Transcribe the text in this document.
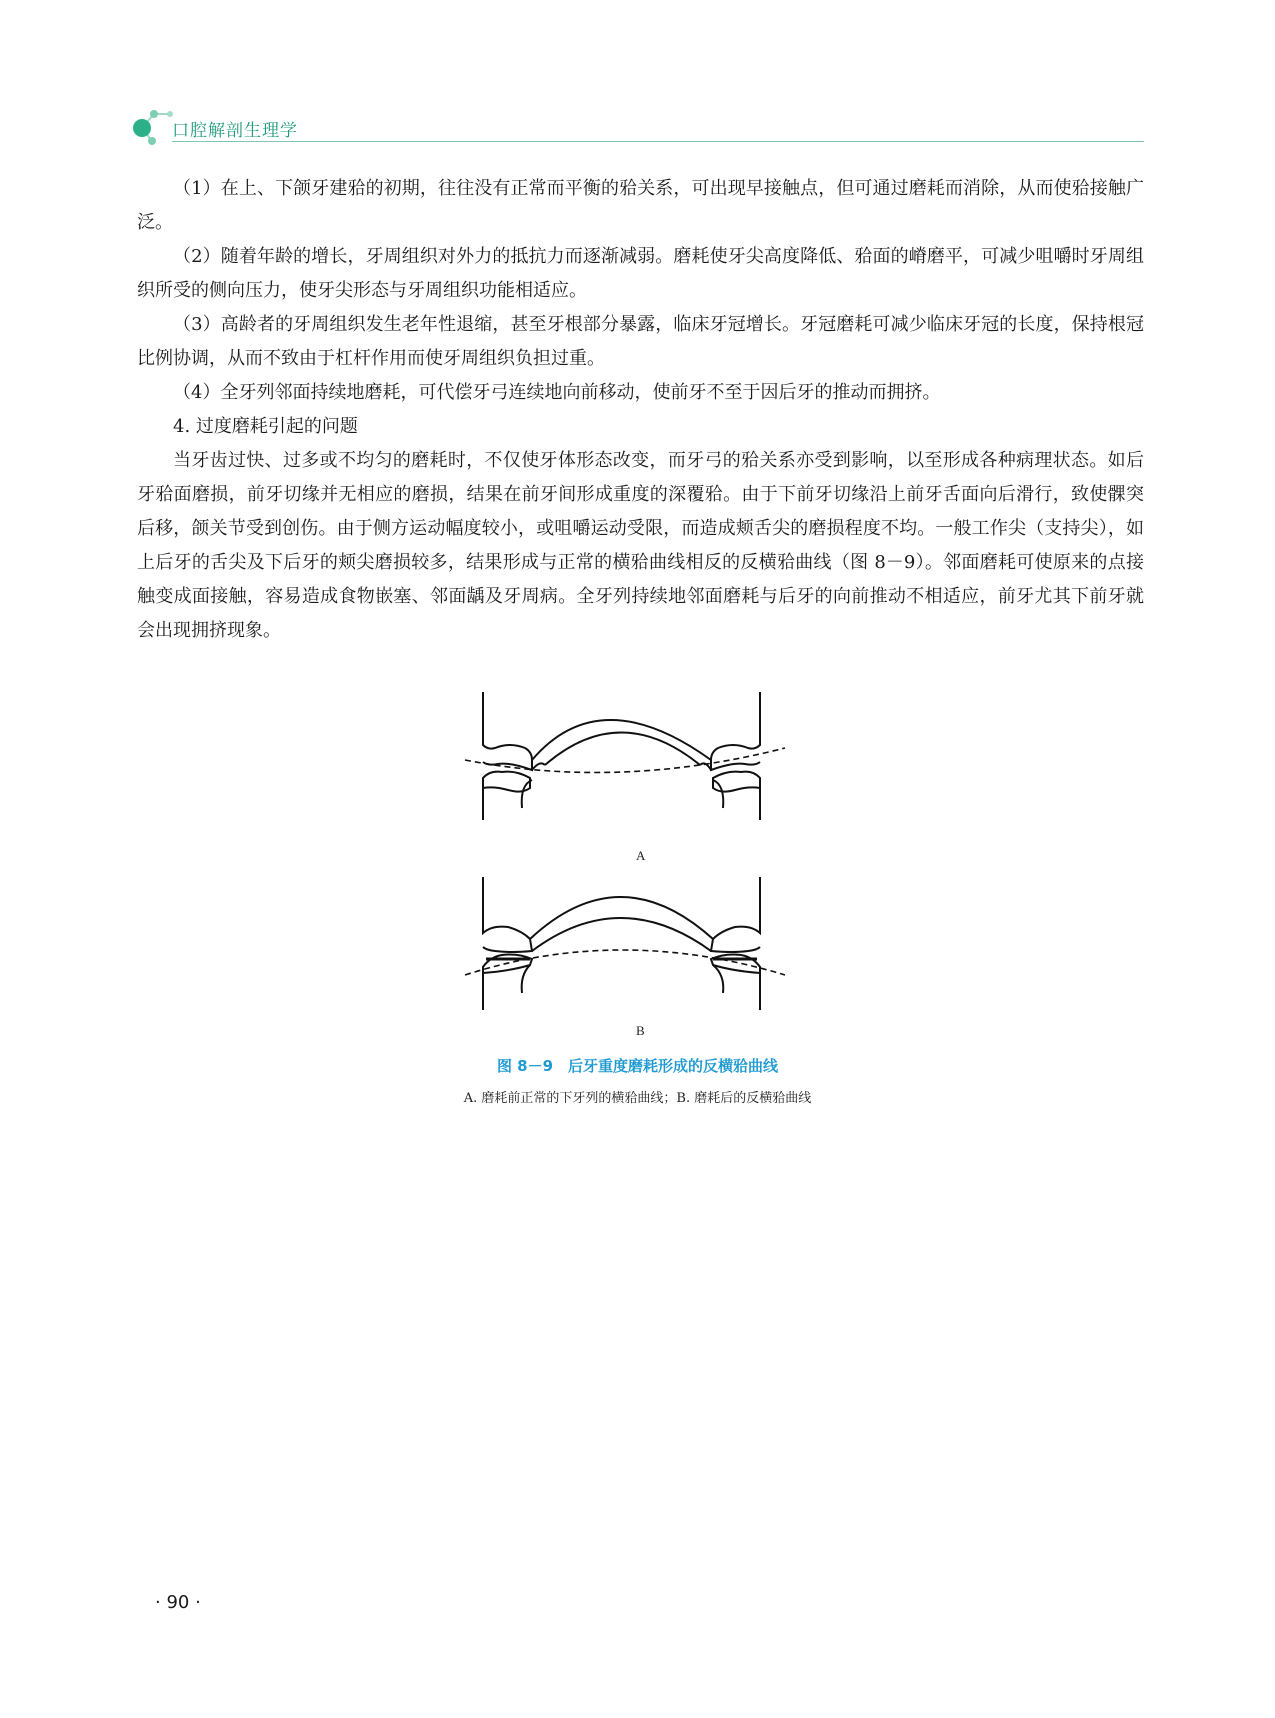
口腔解剖生理学

（1）在上、下颌牙建𬌗的初期，往往没有正常而平衡的𬌗关系，可出现早接触点，但可通过磨耗而消除，从而使𬌗接触广泛。

（2）随着年龄的增长，牙周组织对外力的抵抗力而逐渐减弱。磨耗使牙尖高度降低、𬌗面的嵴磨平，可减少咀嚼时牙周组织所受的侧向压力，使牙尖形态与牙周组织功能相适应。

（3）高龄者的牙周组织发生老年性退缩，甚至牙根部分暴露，临床牙冠增长。牙冠磨耗可减少临床牙冠的长度，保持根冠比例协调，从而不致由于杠杆作用而使牙周组织负担过重。

（4）全牙列邻面持续地磨耗，可代偿牙弓连续地向前移动，使前牙不至于因后牙的推动而拥挤。

4. 过度磨耗引起的问题

当牙齿过快、过多或不均匀的磨耗时，不仅使牙体形态改变，而牙弓的𬌗关系亦受到影响，以至形成各种病理状态。如后牙𬌗面磨损，前牙切缘并无相应的磨损，结果在前牙间形成重度的深覆𬌗。由于下前牙切缘沿上前牙舌面向后滑行，致使髁突后移，颌关节受到创伤。由于侧方运动幅度较小，或咀嚼运动受限，而造成颊舌尖的磨损程度不均。一般工作尖（支持尖），如上后牙的舌尖及下后牙的颊尖磨损较多，结果形成与正常的横𬌗曲线相反的反横𬌗曲线（图 8－9）。邻面磨耗可使原来的点接触变成面接触，容易造成食物嵌塞、邻面龋及牙周病。全牙列持续地邻面磨耗与后牙的向前推动不相适应，前牙尤其下前牙就会出现拥挤现象。

A
B
图 8－9　后牙重度磨耗形成的反横𬌗曲线
A. 磨耗前正常的下牙列的横𬌗曲线；B. 磨耗后的反横𬌗曲线
· 90 ·
